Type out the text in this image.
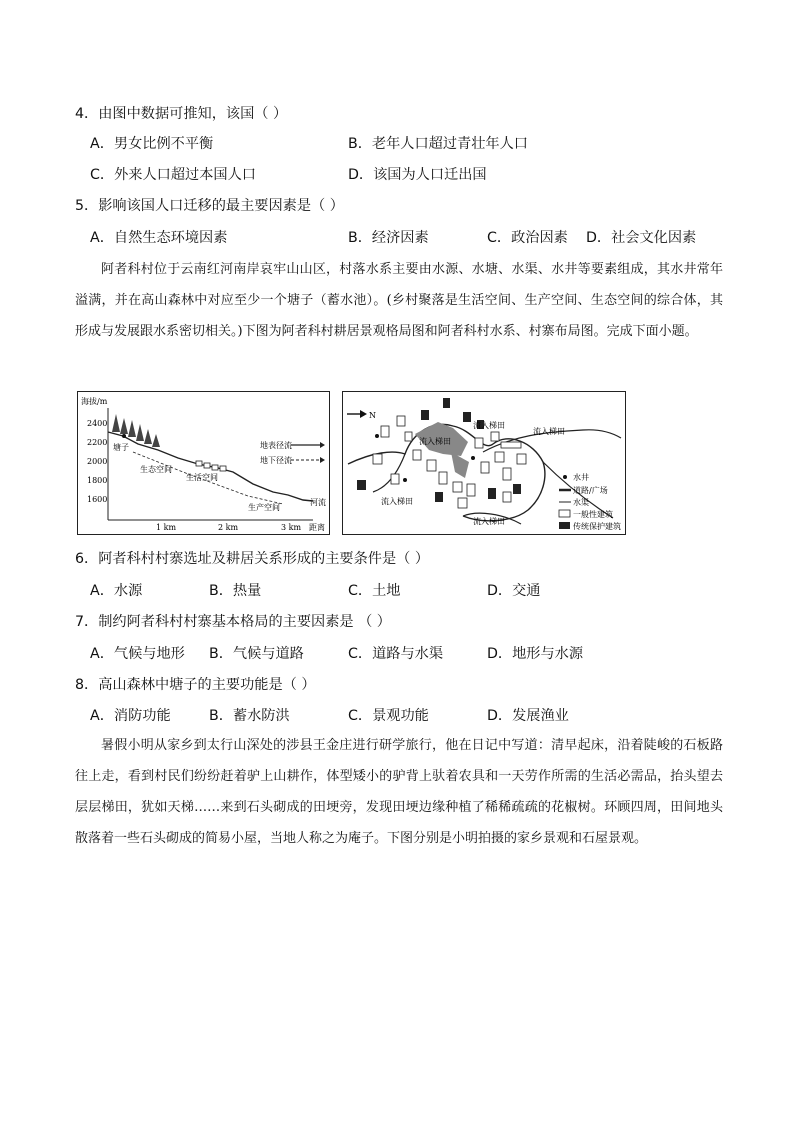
4．由图中数据可推知，该国（ ）
A．男女比例不平衡	B．老年人口超过青壮年人口
C．外来人口超过本国人口	D．该国为人口迁出国
5．影响该国人口迁移的最主要因素是（ ）
A．自然生态环境因素	B．经济因素	C．政治因素 D．社会文化因素
阿者科村位于云南红河南岸哀牢山山区，村落水系主要由水源、水塘、水渠、水井等要素组成，其水井常年溢满，并在高山森林中对应至少一个塘子（蓄水池）。(乡村聚落是生活空间、生产空间、生态空间的综合体，其形成与发展跟水系密切相关。)下图为阿者科村耕居景观格局图和阿者科村水系、村寨布局图。完成下面小题。
海拔/m
2400
2200
2000
1800
1600
1 km	2 km	3 km 距离
塘子
生态空间
生活空间
生产空间
河流
地表径流
地下径流
N
流入梯田
流入梯田
流入梯田
流入梯田
流入梯田
水井
道路/广场
水渠
一般性建筑
传统保护建筑
6．阿者科村村寨选址及耕居关系形成的主要条件是（ ）
A．水源	B．热量	C．土地	D．交通
7．制约阿者科村村寨基本格局的主要因素是 （ ）
A．气候与地形 B．气候与道路	C．道路与水渠	D．地形与水源
8．高山森林中塘子的主要功能是（ ）
A．消防功能	B．蓄水防洪	C．景观功能	D．发展渔业
暑假小明从家乡到太行山深处的涉县王金庄进行研学旅行，他在日记中写道：清早起床，沿着陡峻的石板路往上走，看到村民们纷纷赶着驴上山耕作，体型矮小的驴背上驮着农具和一天劳作所需的生活必需品，抬头望去层层梯田，犹如天梯……来到石头砌成的田埂旁，发现田埂边缘种植了稀稀疏疏的花椒树。环顾四周，田间地头散落着一些石头砌成的简易小屋，当地人称之为庵子。下图分别是小明拍摄的家乡景观和石屋景观。
